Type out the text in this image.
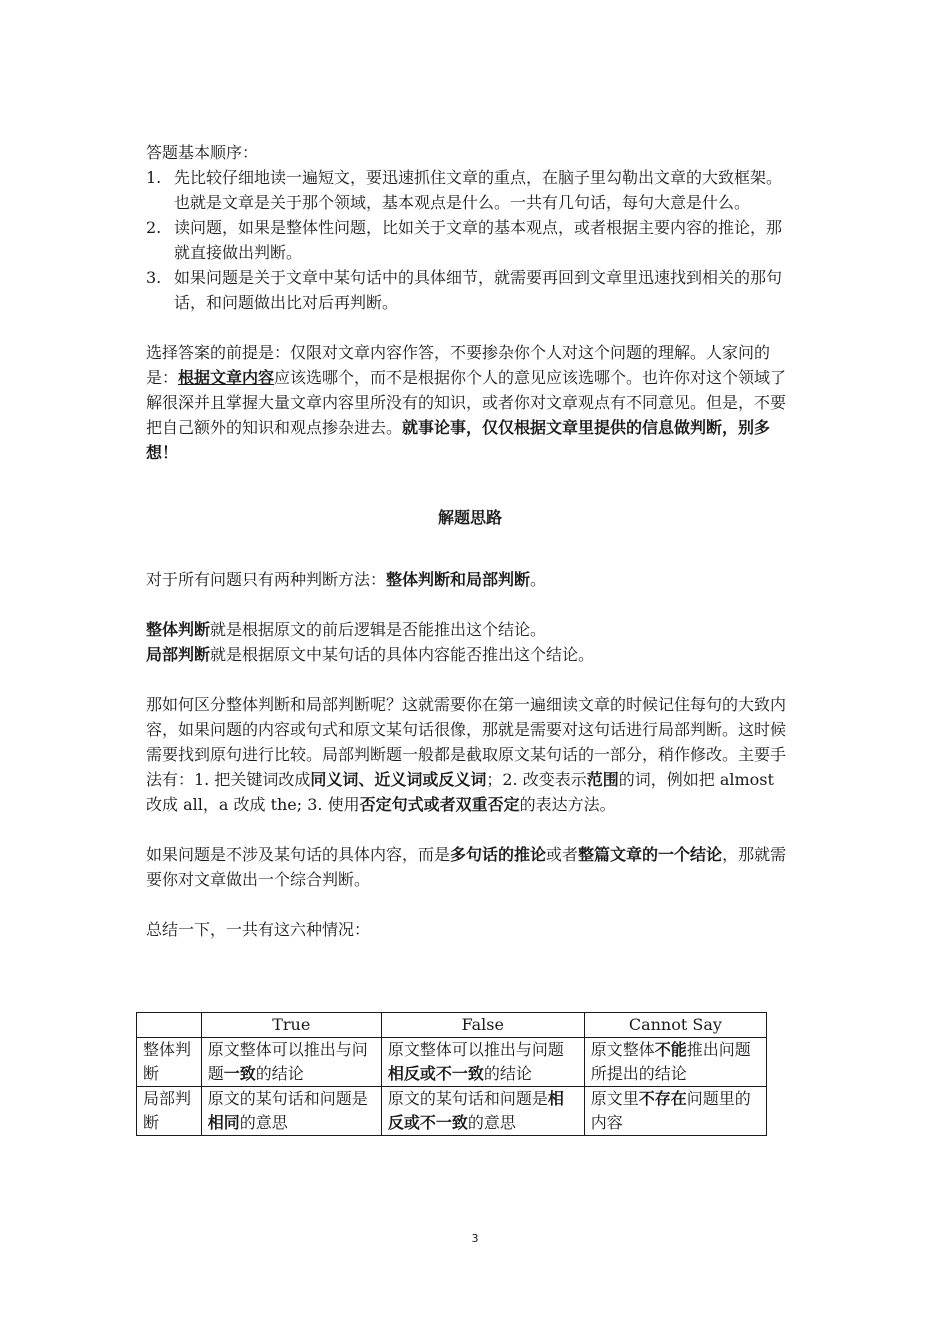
答题基本顺序：

1. 先比较仔细地读一遍短文，要迅速抓住文章的重点，在脑子里勾勒出文章的大致框架。也就是文章是关于那个领域，基本观点是什么。一共有几句话，每句大意是什么。
2. 读问题，如果是整体性问题，比如关于文章的基本观点，或者根据主要内容的推论，那就直接做出判断。
3. 如果问题是关于文章中某句话中的具体细节，就需要再回到文章里迅速找到相关的那句话，和问题做出比对后再判断。

选择答案的前提是：仅限对文章内容作答，不要掺杂你个人对这个问题的理解。人家问的是：根据文章内容应该选哪个，而不是根据你个人的意见应该选哪个。也许你对这个领域了解很深并且掌握大量文章内容里所没有的知识，或者你对文章观点有不同意见。但是，不要把自己额外的知识和观点掺杂进去。就事论事，仅仅根据文章里提供的信息做判断，别多想！

解题思路

对于所有问题只有两种判断方法：整体判断和局部判断。

整体判断就是根据原文的前后逻辑是否能推出这个结论。

局部判断就是根据原文中某句话的具体内容能否推出这个结论。

那如何区分整体判断和局部判断呢？这就需要你在第一遍细读文章的时候记住每句的大致内容，如果问题的内容或句式和原文某句话很像，那就是需要对这句话进行局部判断。这时候需要找到原句进行比较。局部判断题一般都是截取原文某句话的一部分，稍作修改。主要手法有：1. 把关键词改成同义词、近义词或反义词；2. 改变表示范围的词，例如把 almost 改成 all，a 改成 the; 3. 使用否定句式或者双重否定的表达方法。

如果问题是不涉及某句话的具体内容，而是多句话的推论或者整篇文章的一个结论，那就需要你对文章做出一个综合判断。

总结一下，一共有这六种情况：

	True	False	Cannot Say
整体判断	原文整体可以推出与问题一致的结论	原文整体可以推出与问题相反或不一致的结论	原文整体不能推出问题所提出的结论
局部判断	原文的某句话和问题是相同的意思	原文的某句话和问题是相反或不一致的意思	原文里不存在问题里的内容
3
